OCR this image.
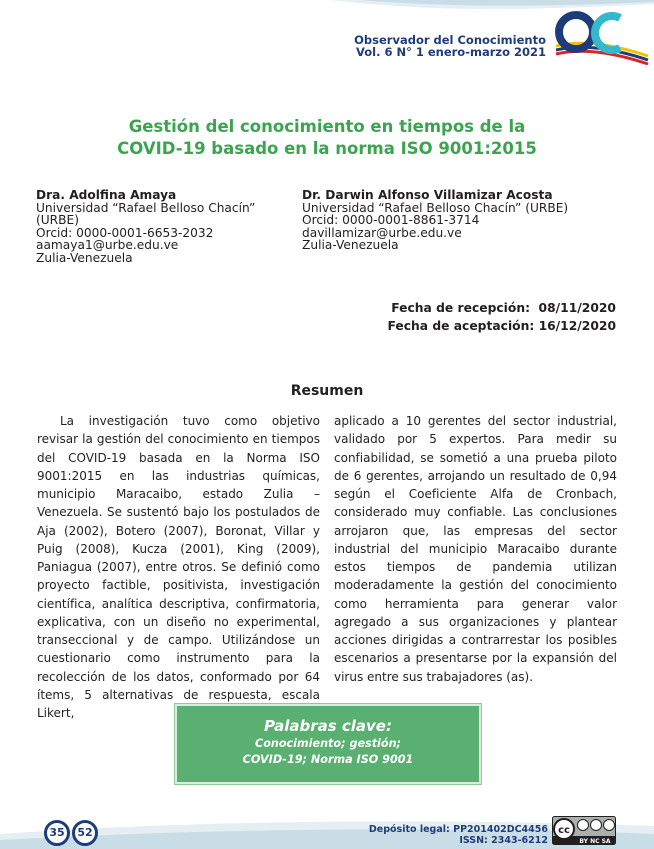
Observador del Conocimiento
Vol. 6 N° 1 enero-marzo 2021
OC
Gestión del conocimiento en tiempos de la
COVID-19 basado en la norma ISO 9001:2015
Dra. Adolfina Amaya
Universidad “Rafael Belloso Chacín”
(URBE)
Orcid: 0000-0001-6653-2032
aamaya1@urbe.edu.ve
Zulia-Venezuela
Dr. Darwin Alfonso Villamizar Acosta
Universidad “Rafael Belloso Chacín” (URBE)
Orcid: 0000-0001-8861-3714
davillamizar@urbe.edu.ve
Zulia-Venezuela
Fecha de recepción:  08/11/2020
Fecha de aceptación: 16/12/2020
Resumen

La investigación tuvo como objetivo revisar la gestión del conocimiento en tiempos del COVID-19 basada en la Norma ISO 9001:2015 en las industrias químicas, municipio Maracaibo, estado Zulia – Venezuela. Se sustentó bajo los postulados de Aja (2002), Botero (2007), Boronat, Villar y Puig (2008), Kucza (2001), King (2009), Paniagua (2007), entre otros. Se definió como proyecto factible, positivista, investigación científica, analítica descriptiva, confirmatoria, explicativa, con un diseño no experimental, transeccional y de campo. Utilizándose un cuestionario como instrumento para la recolección de los datos, conformado por 64 ítems, 5 alternativas de respuesta, escala Likert,

aplicado a 10 gerentes del sector industrial, validado por 5 expertos. Para medir su confiabilidad, se sometió a una prueba piloto de 6 gerentes, arrojando un resultado de 0,94 según el Coeficiente Alfa de Cronbach, considerado muy confiable. Las conclusiones arrojaron que, las empresas del sector industrial del municipio Maracaibo durante estos tiempos de pandemia utilizan moderadamente la gestión del conocimiento como herramienta para generar valor agregado a sus organizaciones y plantear acciones dirigidas a contrarrestar los posibles escenarios a presentarse por la expansión del virus entre sus trabajadores (as).

Palabras clave:
Conocimiento; gestión;
COVID-19; Norma ISO 9001
35	52	Depósito legal: PP201402DC4456
ISSN: 2343-6212
cc
BY NC SA
